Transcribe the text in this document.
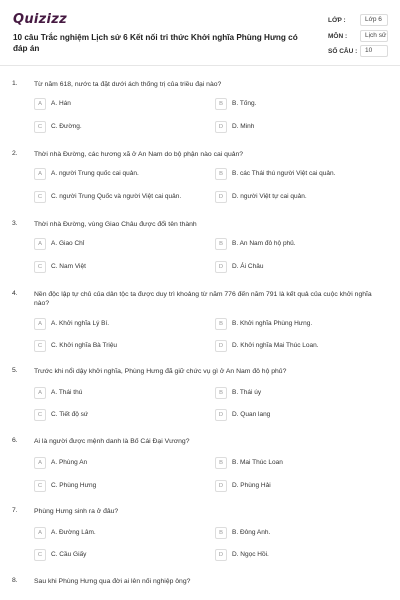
Quizizz
10 câu Trắc nghiệm Lịch sử 6 Kết nối tri thức Khởi nghĩa Phùng Hưng có đáp án
LỚP :	Lớp 6
MÔN :	Lịch sử
SỐ CÂU :	10
1. Từ năm 618, nước ta đặt dưới ách thống trị của triều đại nào?
A	A. Hán	B	B. Tống.
C	C. Đường.	D	D. Minh
2. Thời nhà Đường, các hương xã ở An Nam do bộ phận nào cai quản?
A	A. người Trung quốc cai quản.	B	B. các Thái thú người Việt cai quản.
C	C. người Trung Quốc và người Việt cai quản.	D	D. người Việt tự cai quản.
3. Thời nhà Đường, vùng Giao Châu được đổi tên thành
A	A. Giao Chỉ	B	B. An Nam đô hộ phủ.
C	C. Nam Việt	D	D. Ái Châu
4. Nền độc lập tự chủ của dân tộc ta được duy trì khoảng từ năm 776 đến năm 791 là kết quả của cuộc khởi nghĩa nào?
A	A. Khởi nghĩa Lý Bí.	B	B. Khởi nghĩa Phùng Hưng.
C	C. Khởi nghĩa Bà Triệu	D	D. Khởi nghĩa Mai Thúc Loan.
5. Trước khi nổi dậy khởi nghĩa, Phùng Hưng đã giữ chức vụ gì ở An Nam đô hộ phủ?
A	A. Thái thú	B	B. Thái úy
C	C. Tiết độ sứ	D	D. Quan lang
6. Ai là người được mệnh danh là Bố Cái Đại Vương?
A	A. Phùng An	B	B. Mai Thúc Loan
C	C. Phùng Hưng	D	D. Phùng Hải
7. Phùng Hưng sinh ra ở đâu?
A	A. Đường Lâm.	B	B. Đông Anh.
C	C. Cầu Giấy	D	D. Ngọc Hồi.
8. Sau khi Phùng Hưng qua đời ai lên nối nghiệp ông?
